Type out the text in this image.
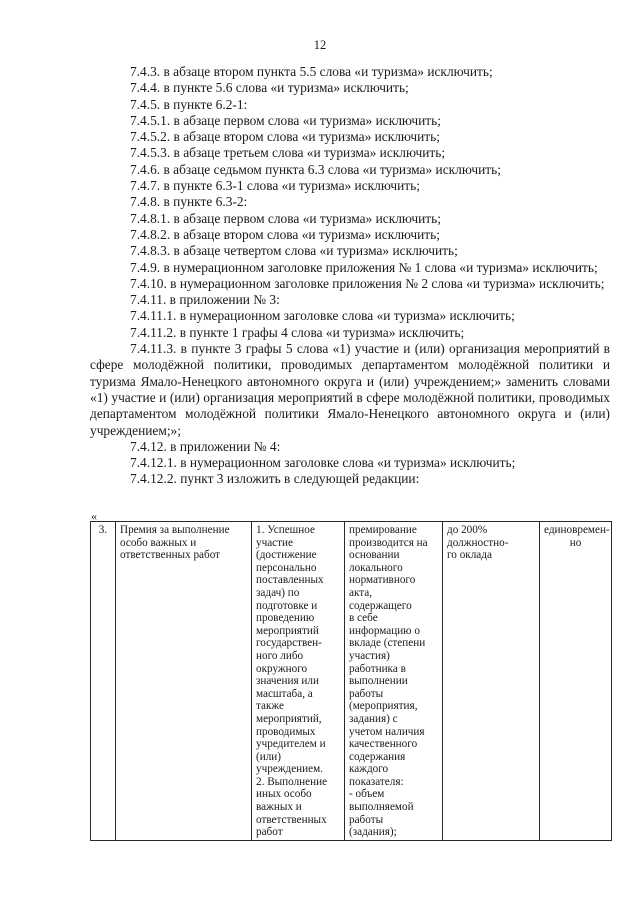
12

7.4.3. в абзаце втором пункта 5.5 слова «и туризма» исключить;

7.4.4. в пункте 5.6 слова «и туризма» исключить;

7.4.5. в пункте 6.2-1:

7.4.5.1. в абзаце первом слова «и туризма» исключить;

7.4.5.2. в абзаце втором слова «и туризма» исключить;

7.4.5.3. в абзаце третьем слова «и туризма» исключить;

7.4.6. в абзаце седьмом пункта 6.3 слова «и туризма» исключить;

7.4.7. в пункте 6.3-1 слова «и туризма» исключить;

7.4.8. в пункте 6.3-2:

7.4.8.1. в абзаце первом слова «и туризма» исключить;

7.4.8.2. в абзаце втором слова «и туризма» исключить;

7.4.8.3. в абзаце четвертом слова «и туризма» исключить;

7.4.9. в нумерационном заголовке приложения № 1 слова «и туризма» исключить;

7.4.10. в нумерационном заголовке приложения № 2 слова «и туризма» исключить;

7.4.11. в приложении № 3:

7.4.11.1. в нумерационном заголовке слова «и туризма» исключить;

7.4.11.2. в пункте 1 графы 4 слова «и туризма» исключить;

7.4.11.3. в пункте 3 графы 5 слова «1) участие и (или) организация мероприятий в сфере молодёжной политики, проводимых департаментом молодёжной политики и туризма Ямало-Ненецкого автономного округа и (или) учреждением;» заменить словами «1) участие и (или) организация мероприятий в сфере молодёжной политики, проводимых департаментом молодёжной политики Ямало-Ненецкого автономного округа и (или) учреждением;»;

7.4.12. в приложении № 4:

7.4.12.1. в нумерационном заголовке слова «и туризма» исключить;

7.4.12.2. пункт 3 изложить в следующей редакции:

«
3.	Премия за выполнение особо важных и ответственных работ	1. Успешное
участие
(достижение
персонально
поставленных
задач) по
подготовке и
проведению
мероприятий
государствен-
ного либо
окружного
значения или
масштаба, а
также
мероприятий,
проводимых
учредителем и
(или)
учреждением.
2. Выполнение
иных особо
важных и
ответственных
работ	премирование
производится на
основании
локального
нормативного
акта,
содержащего
в себе
информацию о
вкладе (степени
участия)
работника в
выполнении
работы
(мероприятия,
задания) с
учетом наличия
качественного
содержания
каждого
показателя:
- объем
выполняемой
работы
(задания);	до 200%
должностно-
го оклада	единовремен-
но
